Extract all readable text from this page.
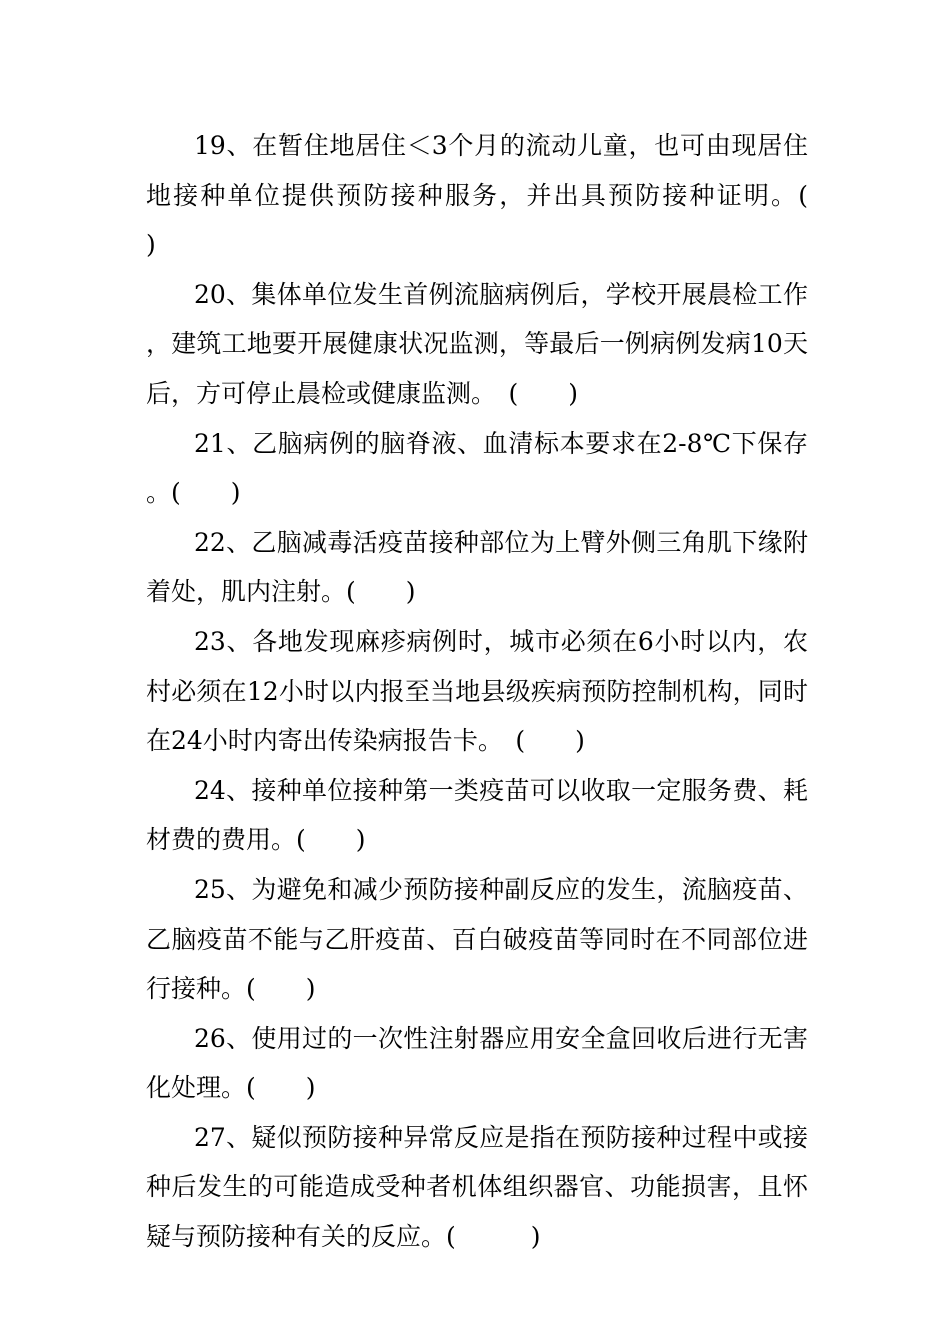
19、在暂住地居住＜3个月的流动儿童，也可由现居住地接种单位提供预防接种服务，并出具预防接种证明。(　　)

20、集体单位发生首例流脑病例后，学校开展晨检工作，建筑工地要开展健康状况监测，等最后一例病例发病10天后，方可停止晨检或健康监测。　(　　)

21、乙脑病例的脑脊液、血清标本要求在2-8℃下保存。(　　)

22、乙脑减毒活疫苗接种部位为上臂外侧三角肌下缘附着处，肌内注射。(　　)

23、各地发现麻疹病例时，城市必须在6小时以内，农村必须在12小时以内报至当地县级疾病预防控制机构，同时在24小时内寄出传染病报告卡。　(　　)

24、接种单位接种第一类疫苗可以收取一定服务费、耗材费的费用。(　　)

25、为避免和减少预防接种副反应的发生，流脑疫苗、乙脑疫苗不能与乙肝疫苗、百白破疫苗等同时在不同部位进行接种。(　　)

26、使用过的一次性注射器应用安全盒回收后进行无害化处理。(　　)

27、疑似预防接种异常反应是指在预防接种过程中或接种后发生的可能造成受种者机体组织器官、功能损害，且怀疑与预防接种有关的反应。(　　　)
